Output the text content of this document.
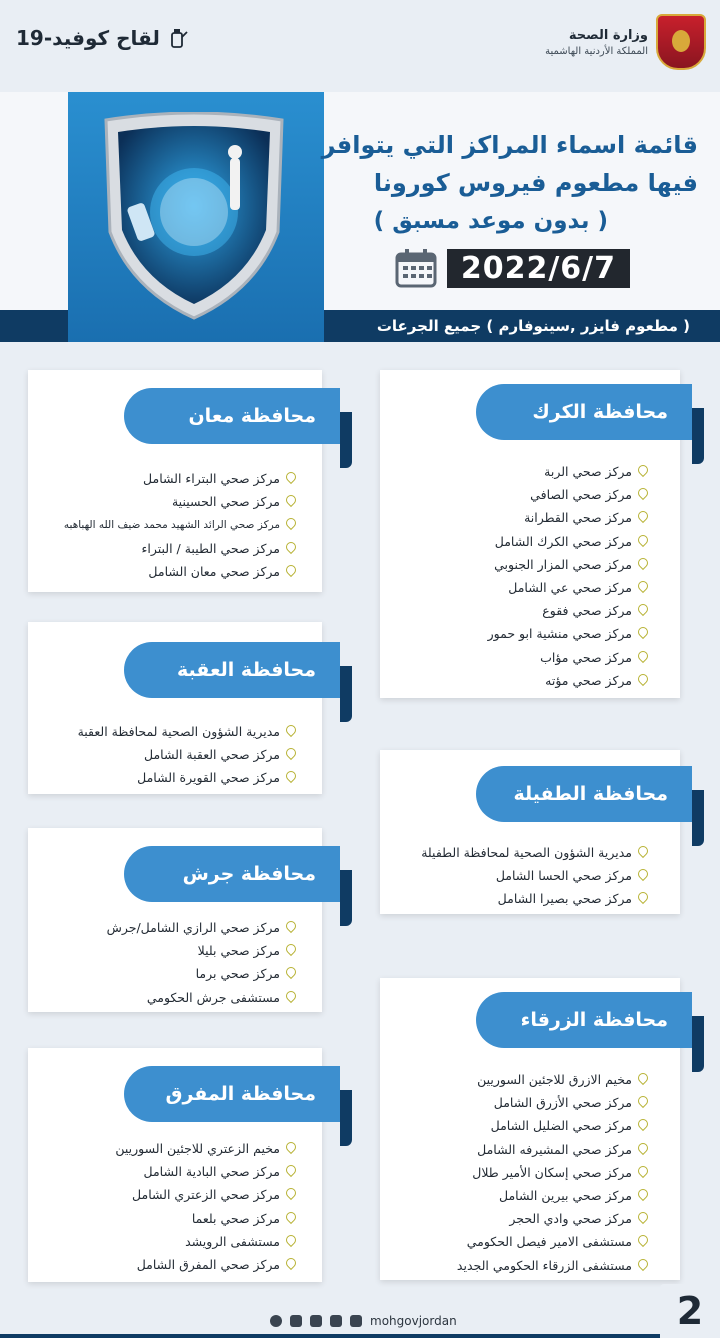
وزارة الصحة
المملكة الأردنية الهاشمية
لقاح كوفيد-19
قائمة اسماء المراكز التي يتوافر
فيها مطعوم فيروس كورونا
( بدون موعد مسبق )
2022/6/7
( مطعوم فايزر ,سينوفارم ) جميع الجرعات
محافظة الكرك
مركز صحي الربة
مركز صحي الصافي
مركز صحي القطرانة
مركز صحي الكرك الشامل
مركز صحي المزار الجنوبي
مركز صحي عي الشامل
مركز صحي فقوع
مركز صحي منشية ابو حمور
مركز صحي مؤاب
مركز صحي مؤته
محافظة معان
مركز صحي البتراء الشامل
مركز صحي الحسينية
مركز صحي الرائد الشهيد محمد ضيف الله الهباهبه
مركز صحي الطيبة / البتراء
مركز صحي معان الشامل
محافظة العقبة
مديرية الشؤون الصحية لمحافظة العقبة
مركز صحي العقبة الشامل
مركز صحي القويرة الشامل
محافظة الطفيلة
مديرية الشؤون الصحية لمحافظة الطفيلة
مركز صحي الحسا الشامل
مركز صحي بصيرا الشامل
محافظة جرش
مركز صحي الرازي الشامل/جرش
مركز صحي بليلا
مركز صحي برما
مستشفى جرش الحكومي
محافظة الزرقاء
مخيم الازرق للاجئين السوريين
مركز صحي الأزرق الشامل
مركز صحي الضليل الشامل
مركز صحي المشيرفه الشامل
مركز صحي إسكان الأمير طلال
مركز صحي بيرين الشامل
مركز صحي وادي الحجر
مستشفى الامير فيصل الحكومي
مستشفى الزرقاء الحكومي الجديد
محافظة المفرق
مخيم الزعتري للاجئين السوريين
مركز صحي البادية الشامل
مركز صحي الزعتري الشامل
مركز صحي بلعما
مستشفى الرويشد
مركز صحي المفرق الشامل
mohgovjordan	2
